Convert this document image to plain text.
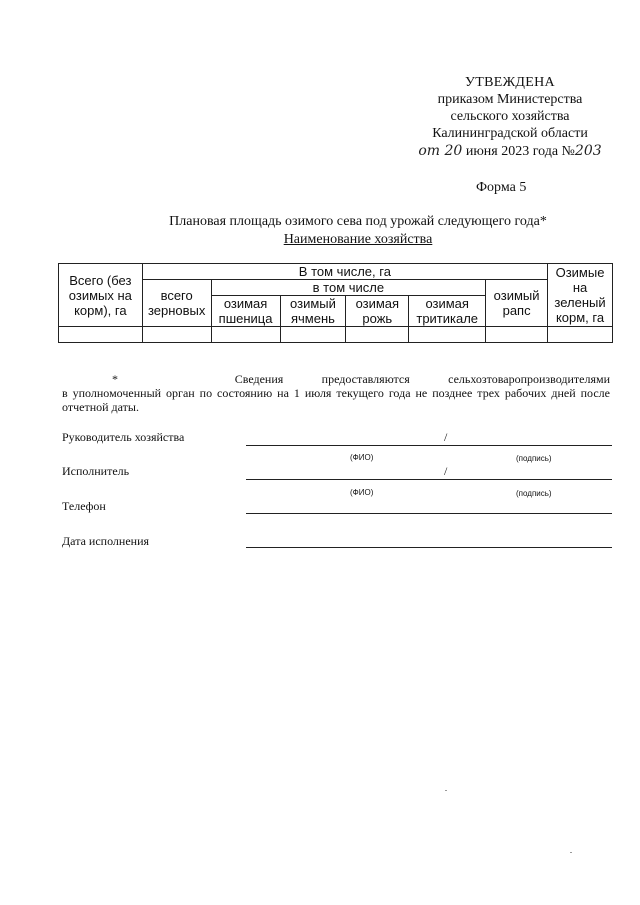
УТВЕЖДЕНА
приказом Министерства
сельского хозяйства
Калининградской области
от 20 июня 2023 года №203
Форма 5
Плановая площадь озимого сева под урожай следующего года*
Наименование хозяйства
Всего (без озимых на корм), га	В том числе, га						Озимые на зеленый корм, га
	всего зерновых	в том числе				озимый рапс	
		озимая пшеница	озимый ячмень	озимая рожь	озимая тритикале		

*	Сведения	предоставляются	сельхозтоваропроизводителями
в уполномоченный орган по состоянию на 1 июля текущего года не позднее трех рабочих дней после отчетной даты.
Руководитель хозяйства	/
(ФИО)	(подпись)
Исполнитель	/
(ФИО)	(подпись)
Телефон
Дата исполнения
